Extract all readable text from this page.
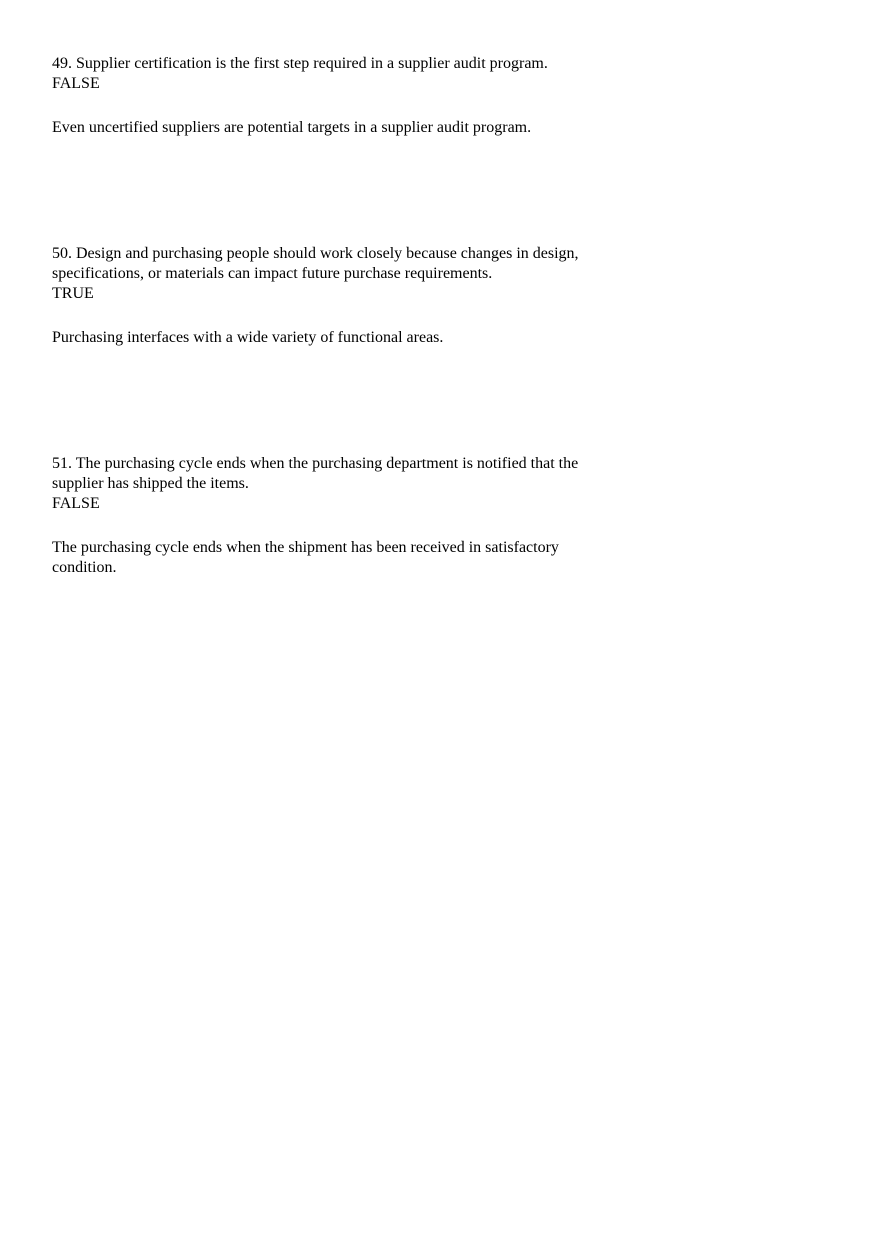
49. Supplier certification is the first step required in a supplier audit program.

FALSE

Even uncertified suppliers are potential targets in a supplier audit program.

50. Design and purchasing people should work closely because changes in design, specifications, or materials can impact future purchase requirements.

TRUE

Purchasing interfaces with a wide variety of functional areas.

51. The purchasing cycle ends when the purchasing department is notified that the supplier has shipped the items.

FALSE

The purchasing cycle ends when the shipment has been received in satisfactory condition.
